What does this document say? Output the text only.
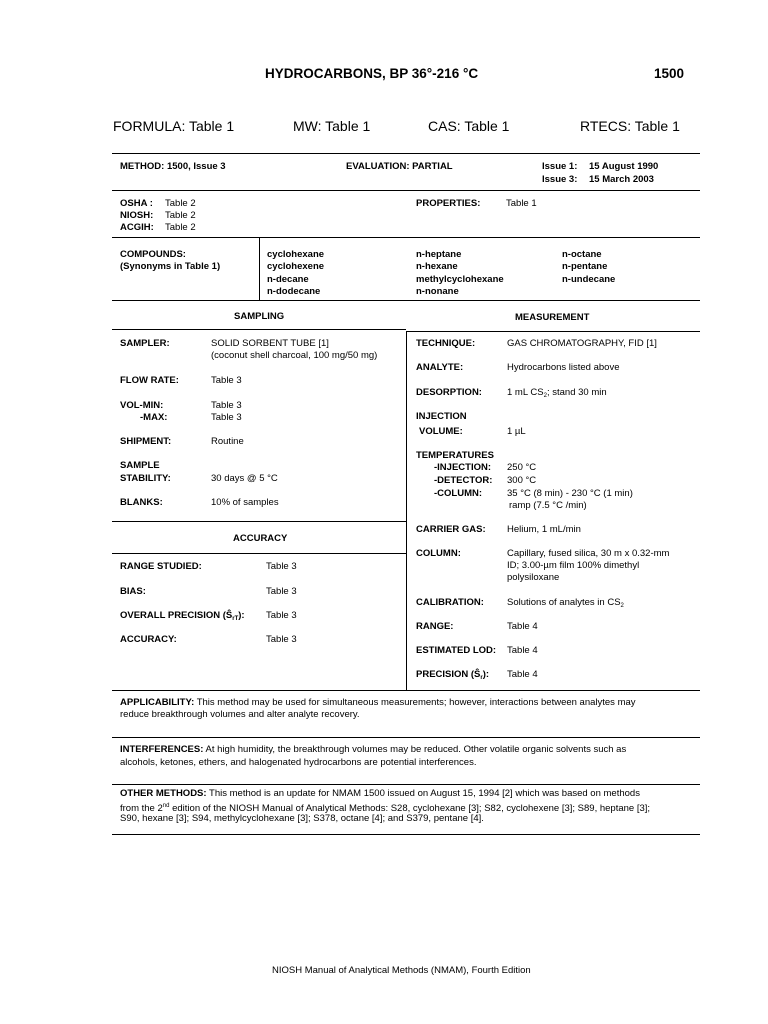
HYDROCARBONS, BP 36°-216 °C	1500
FORMULA: Table 1	MW: Table 1	CAS: Table 1	RTECS: Table 1
METHOD: 1500, Issue 3	EVALUATION: PARTIAL	Issue 1: 15 August 1990
Issue 3: 15 March 2003
OSHA : Table 2
NIOSH: Table 2
ACGIH: Table 2
PROPERTIES:	Table 1
COMPOUNDS:
(Synonyms in Table 1)
cyclohexane
cyclohexene
n-decane
n-dodecane
n-heptane
n-hexane
methylcyclohexane
n-nonane
n-octane
n-pentane
n-undecane
SAMPLING	MEASUREMENT
SAMPLER:	SOLID SORBENT TUBE [1]
(coconut shell charcoal, 100 mg/50 mg)
FLOW RATE:	Table 3
VOL-MIN:	Table 3
-MAX:	Table 3
SHIPMENT:	Routine
SAMPLE
STABILITY:	30 days @ 5 °C
BLANKS:	10% of samples
ACCURACY
RANGE STUDIED:	Table 3
BIAS:	Table 3
OVERALL PRECISION $(Ŝ_{rT})$: Table 3
ACCURACY:	Table 3
TECHNIQUE:	GAS CHROMATOGRAPHY, FID [1]
ANALYTE:	Hydrocarbons listed above
DESORPTION:	1 mL $CS_2$; stand 30 min
INJECTION
VOLUME:	1 µL
TEMPERATURES
-INJECTION: 250 °C
-DETECTOR: 300 °C
-COLUMN:	35 °C (8 min) - 230 °C (1 min)
ramp (7.5 °C /min)
CARRIER GAS: Helium, 1 mL/min
COLUMN:	Capillary, fused silica, 30 m x 0.32-mm
ID; 3.00-µm film 100% dimethyl
polysiloxane
CALIBRATION: Solutions of analytes in $CS_2$
RANGE:	Table 4
ESTIMATED LOD: Table 4
PRECISION $(Ŝ_r)$: Table 4
APPLICABILITY: This method may be used for simultaneous measurements; however, interactions between analytes may
reduce breakthrough volumes and alter analyte recovery.
INTERFERENCES: At high humidity, the breakthrough volumes may be reduced. Other volatile organic solvents such as
alcohols, ketones, ethers, and halogenated hydrocarbons are potential interferences.
OTHER METHODS: This method is an update for NMAM 1500 issued on August 15, 1994 [2] which was based on methods
from the 2nd edition of the NIOSH Manual of Analytical Methods: S28, cyclohexane [3]; S82, cyclohexene [3]; S89, heptane [3];
S90, hexane [3]; S94, methylcyclohexane [3]; S378, octane [4]; and S379, pentane [4].
NIOSH Manual of Analytical Methods (NMAM), Fourth Edition
